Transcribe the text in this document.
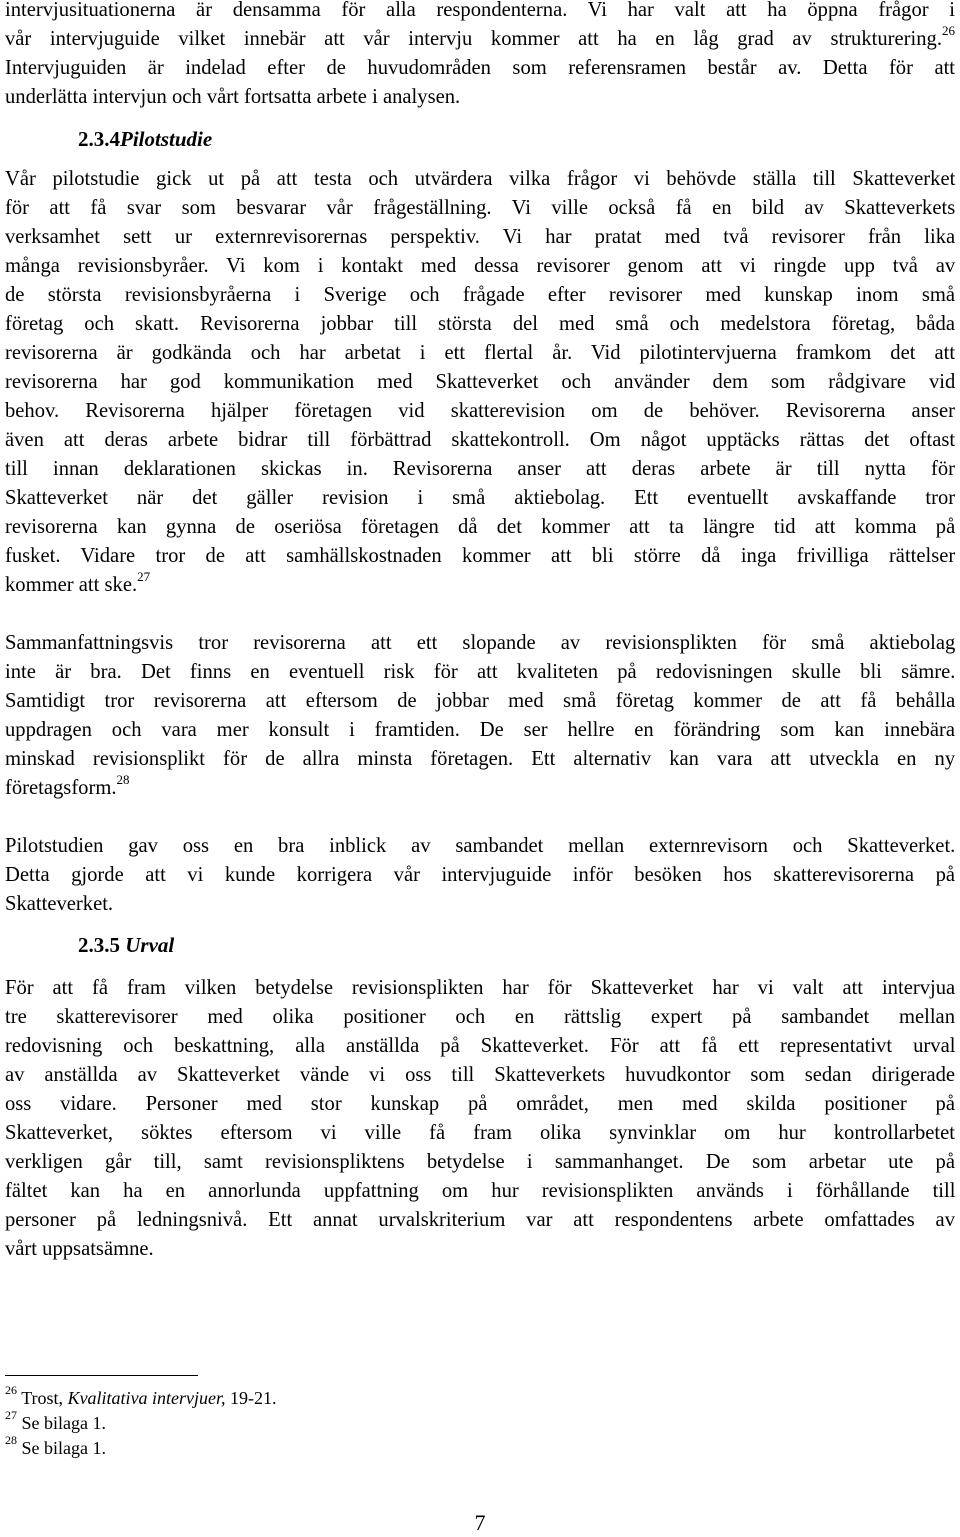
intervjusituationerna är densamma för alla respondenterna. Vi har valt att ha öppna frågor i
vår intervjuguide vilket innebär att vår intervju kommer att ha en låg grad av strukturering.$^{26}$
Intervjuguiden är indelad efter de huvudområden som referensramen består av. Detta för att
underlätta intervjun och vårt fortsatta arbete i analysen.
2.3.4Pilotstudie
Vår pilotstudie gick ut på att testa och utvärdera vilka frågor vi behövde ställa till Skatteverket
för att få svar som besvarar vår frågeställning. Vi ville också få en bild av Skatteverkets
verksamhet sett ur externrevisorernas perspektiv. Vi har pratat med två revisorer från lika
många revisionsbyråer. Vi kom i kontakt med dessa revisorer genom att vi ringde upp två av
de största revisionsbyråerna i Sverige och frågade efter revisorer med kunskap inom små
företag och skatt. Revisorerna jobbar till största del med små och medelstora företag, båda
revisorerna är godkända och har arbetat i ett flertal år. Vid pilotintervjuerna framkom det att
revisorerna har god kommunikation med Skatteverket och använder dem som rådgivare vid
behov. Revisorerna hjälper företagen vid skatterevision om de behöver. Revisorerna anser
även att deras arbete bidrar till förbättrad skattekontroll. Om något upptäcks rättas det oftast
till innan deklarationen skickas in. Revisorerna anser att deras arbete är till nytta för
Skatteverket när det gäller revision i små aktiebolag. Ett eventuellt avskaffande tror
revisorerna kan gynna de oseriösa företagen då det kommer att ta längre tid att komma på
fusket. Vidare tror de att samhällskostnaden kommer att bli större då inga frivilliga rättelser
kommer att ske.$^{27}$
Sammanfattningsvis tror revisorerna att ett slopande av revisionsplikten för små aktiebolag
inte är bra. Det finns en eventuell risk för att kvaliteten på redovisningen skulle bli sämre.
Samtidigt tror revisorerna att eftersom de jobbar med små företag kommer de att få behålla
uppdragen och vara mer konsult i framtiden. De ser hellre en förändring som kan innebära
minskad revisionsplikt för de allra minsta företagen. Ett alternativ kan vara att utveckla en ny
företagsform.$^{28}$
Pilotstudien gav oss en bra inblick av sambandet mellan externrevisorn och Skatteverket.
Detta gjorde att vi kunde korrigera vår intervjuguide inför besöken hos skatterevisorerna på
Skatteverket.
2.3.5 Urval
För att få fram vilken betydelse revisionsplikten har för Skatteverket har vi valt att intervjua
tre skatterevisorer med olika positioner och en rättslig expert på sambandet mellan
redovisning och beskattning, alla anställda på Skatteverket. För att få ett representativt urval
av anställda av Skatteverket vände vi oss till Skatteverkets huvudkontor som sedan dirigerade
oss vidare. Personer med stor kunskap på området, men med skilda positioner på
Skatteverket, söktes eftersom vi ville få fram olika synvinklar om hur kontrollarbetet
verkligen går till, samt revisionspliktens betydelse i sammanhanget. De som arbetar ute på
fältet kan ha en annorlunda uppfattning om hur revisionsplikten används i förhållande till
personer på ledningsnivå. Ett annat urvalskriterium var att respondentens arbete omfattades av
vårt uppsatsämne.
$^{26}$ Trost, Kvalitativa intervjuer, 19-21.
$^{27}$ Se bilaga 1.
$^{28}$ Se bilaga 1.
7
